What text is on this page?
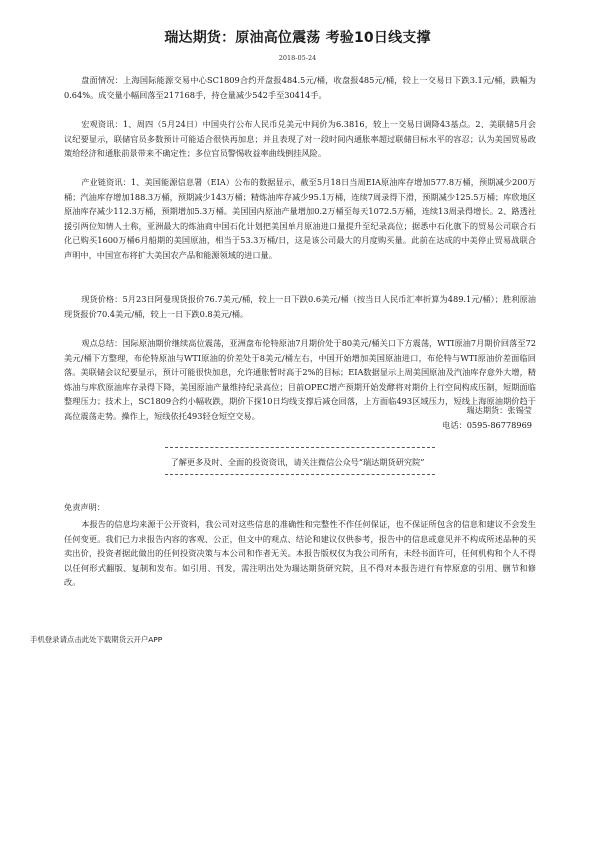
瑞达期货：原油高位震荡 考验10日线支撑
2018-05-24

盘面情况：上海国际能源交易中心SC1809合约开盘报484.5元/桶，收盘报485元/桶，较上一交易日下跌3.1元/桶，跌幅为0.64%。成交量小幅回落至217168手，持仓量减少542手至30414手。

宏观资讯：1、周四（5月24日）中国央行公布人民币兑美元中间价为6.3816，较上一交易日调降43基点。2、美联储5月会议纪要显示，联储官员多数预计可能适合很快再加息；并且表现了对一段时间内通胀率超过联储目标水平的容忍；认为美国贸易政策给经济和通胀前景带来不确定性；多位官员警惕收益率曲线倒挂风险。

产业链资讯：1、美国能源信息署（EIA）公布的数据显示，截至5月18日当周EIA原油库存增加577.8万桶，预期减少200万桶；汽油库存增加188.3万桶，预期减少143万桶；精炼油库存减少95.1万桶，连续7周录得下滑，预期减少125.5万桶；库欣地区原油库存减少112.3万桶，预期增加5.3万桶。美国国内原油产量增加0.2万桶至每天1072.5万桶，连续13周录得增长。2、路透社援引两位知情人士称，亚洲最大的炼油商中国石化计划把美国单月原油进口量提升至纪录高位；据悉中石化旗下的贸易公司联合石化已购买1600万桶6月船期的美国原油，相当于53.3万桶/日，这是该公司最大的月度购买量。此前在达成的中美停止贸易战联合声明中，中国宣布将扩大美国农产品和能源领域的进口量。

现货价格：5月23日阿曼现货报价76.7美元/桶，较上一日下跌0.6美元/桶（按当日人民币汇率折算为489.1元/桶）；胜利原油现货报价70.4美元/桶，较上一日下跌0.8美元/桶。

观点总结：国际原油期价继续高位震荡，亚洲盘布伦特原油7月期价处于80美元/桶关口下方震荡，WTI原油7月期价回落至72美元/桶下方整理，布伦特原油与WTI原油的价差处于8美元/桶左右，中国开始增加美国原油进口，布伦特与WTI原油价差面临回落。美联储会议纪要显示，预计可能很快加息，允许通胀暂时高于2%的目标；EIA数据显示上周美国原油及汽油库存意外大增，精炼油与库欣原油库存录得下降，美国原油产量维持纪录高位；目前OPEC增产预期开始发酵将对期价上行空间构成压制，短期面临整理压力；技术上，SC1809合约小幅收跌，期价下探10日均线支撑后减仓回落，上方面临493区域压力，短线上海原油期价趋于高位震荡走势。操作上，短线依托493轻仓短空交易。

瑞达期货：张锡莹
电话：0595-86778969
了解更多及时、全面的投资资讯，请关注微信公众号“瑞达期货研究院”
免责声明：

本报告的信息均来源于公开资料，我公司对这些信息的准确性和完整性不作任何保证，也不保证所包含的信息和建议不会发生任何变更。我们已力求报告内容的客观、公正，但文中的观点、结论和建议仅供参考，报告中的信息或意见并不构成所述品种的买卖出价，投资者据此做出的任何投资决策与本公司和作者无关。本报告版权仅为我公司所有，未经书面许可，任何机构和个人不得以任何形式翻版、复制和发布。如引用、刊发，需注明出处为瑞达期货研究院，且不得对本报告进行有悖原意的引用、删节和修改。

手机登录请点击此处下载期货云开户APP
